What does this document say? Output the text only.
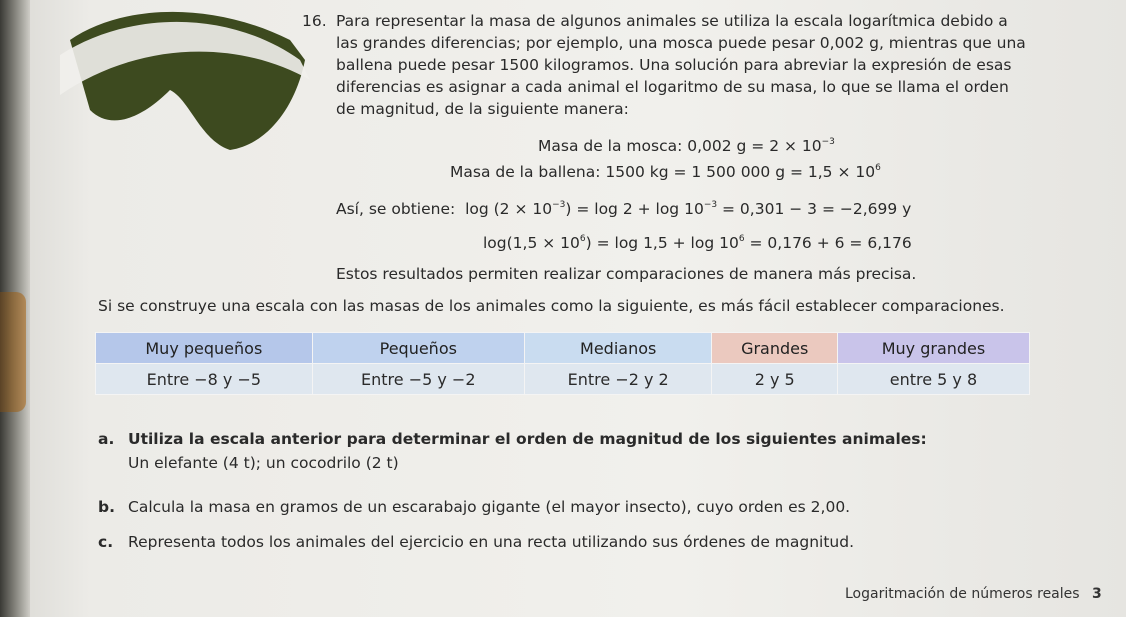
16. Para representar la masa de algunos animales se utiliza la escala logarítmica debido a

las grandes diferencias; por ejemplo, una mosca puede pesar 0,002 g, mientras que una

ballena puede pesar 1500 kilogramos. Una solución para abreviar la expresión de esas

diferencias es asignar a cada animal el logaritmo de su masa, lo que se llama el orden

de magnitud, de la siguiente manera:

Masa de la mosca: 0,002 $g = 2 \times 10^{-3}$

Masa de la ballena: 1500 kg = 1 500 000 $g = 1,5 \times 10^6$

Así, se obtiene: $\log (2 \times 10^{-3}) = \log 2 + \log 10^{-3} = 0,301 - 3 = -2,699$ y

$\log(1,5 \times 10^6) = \log 1,5 + \log 10^6 = 0,176 + 6 = 6,176$

Estos resultados permiten realizar comparaciones de manera más precisa.

Si se construye una escala con las masas de los animales como la siguiente, es más fácil establecer comparaciones.

Muy pequeños	Pequeños	Medianos	Grandes	Muy grandes
Entre −8 y −5	Entre −5 y −2	Entre −2 y 2	2 y 5	entre 5 y 8
a. Utiliza la escala anterior para determinar el orden de magnitud de los siguientes animales:
Un elefante (4 t); un cocodrilo (2 t)
b. Calcula la masa en gramos de un escarabajo gigante (el mayor insecto), cuyo orden es 2,00.
c. Representa todos los animales del ejercicio en una recta utilizando sus órdenes de magnitud.
Logaritmación de números reales 3
